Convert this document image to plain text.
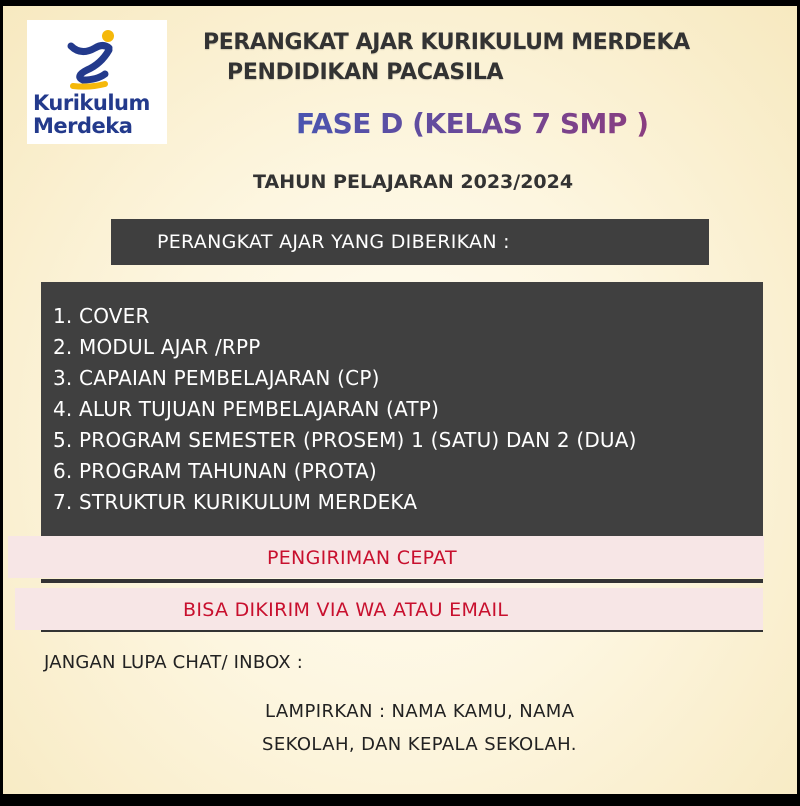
Kurikulum
Merdeka
PERANGKAT AJAR KURIKULUM MERDEKA
PENDIDIKAN PACASILA
FASE D (KELAS 7 SMP )
TAHUN PELAJARAN 2023/2024
PERANGKAT AJAR YANG DIBERIKAN :
1. COVER
2. MODUL AJAR /RPP
3. CAPAIAN PEMBELAJARAN (CP)
4. ALUR TUJUAN PEMBELAJARAN (ATP)
5. PROGRAM SEMESTER (PROSEM) 1 (SATU) DAN 2 (DUA)
6. PROGRAM TAHUNAN (PROTA)
7. STRUKTUR KURIKULUM MERDEKA
PENGIRIMAN CEPAT
BISA DIKIRIM VIA WA ATAU EMAIL
JANGAN LUPA CHAT/ INBOX :
LAMPIRKAN : NAMA KAMU, NAMA
SEKOLAH, DAN KEPALA SEKOLAH.
